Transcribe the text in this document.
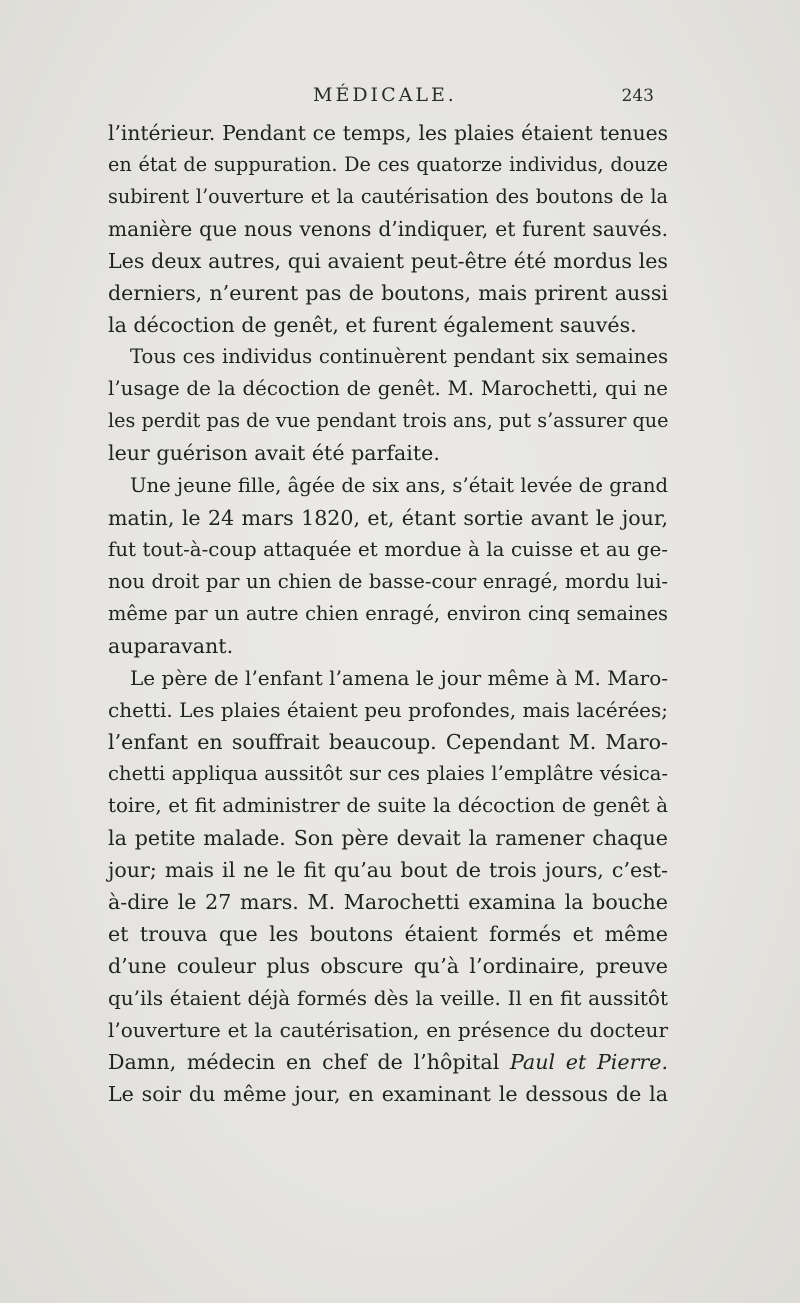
MÉDICALE.	243
l’intérieur. Pendant ce temps, les plaies étaient tenues
en état de suppuration. De ces quatorze individus, douze
subirent l’ouverture et la cautérisation des boutons de la
manière que nous venons d’indiquer, et furent sauvés.
Les deux autres, qui avaient peut-être été mordus les
derniers, n’eurent pas de boutons, mais prirent aussi
la décoction de genêt, et furent également sauvés.
Tous ces individus continuèrent pendant six semaines
l’usage de la décoction de genêt. M. Marochetti, qui ne
les perdit pas de vue pendant trois ans, put s’assurer que
leur guérison avait été parfaite.
Une jeune fille, âgée de six ans, s’était levée de grand
matin, le 24 mars 1820, et, étant sortie avant le jour,
fut tout-à-coup attaquée et mordue à la cuisse et au ge-
nou droit par un chien de basse-cour enragé, mordu lui-
même par un autre chien enragé, environ cinq semaines
auparavant.
Le père de l’enfant l’amena le jour même à M. Maro-
chetti. Les plaies étaient peu profondes, mais lacérées;
l’enfant en souffrait beaucoup. Cependant M. Maro-
chetti appliqua aussitôt sur ces plaies l’emplâtre vésica-
toire, et fit administrer de suite la décoction de genêt à
la petite malade. Son père devait la ramener chaque
jour; mais il ne le fit qu’au bout de trois jours, c’est-
à-dire le 27 mars. M. Marochetti examina la bouche
et trouva que les boutons étaient formés et même
d’une couleur plus obscure qu’à l’ordinaire, preuve
qu’ils étaient déjà formés dès la veille. Il en fit aussitôt
l’ouverture et la cautérisation, en présence du docteur
Damn, médecin en chef de l’hôpital Paul et Pierre.
Le soir du même jour, en examinant le dessous de la
